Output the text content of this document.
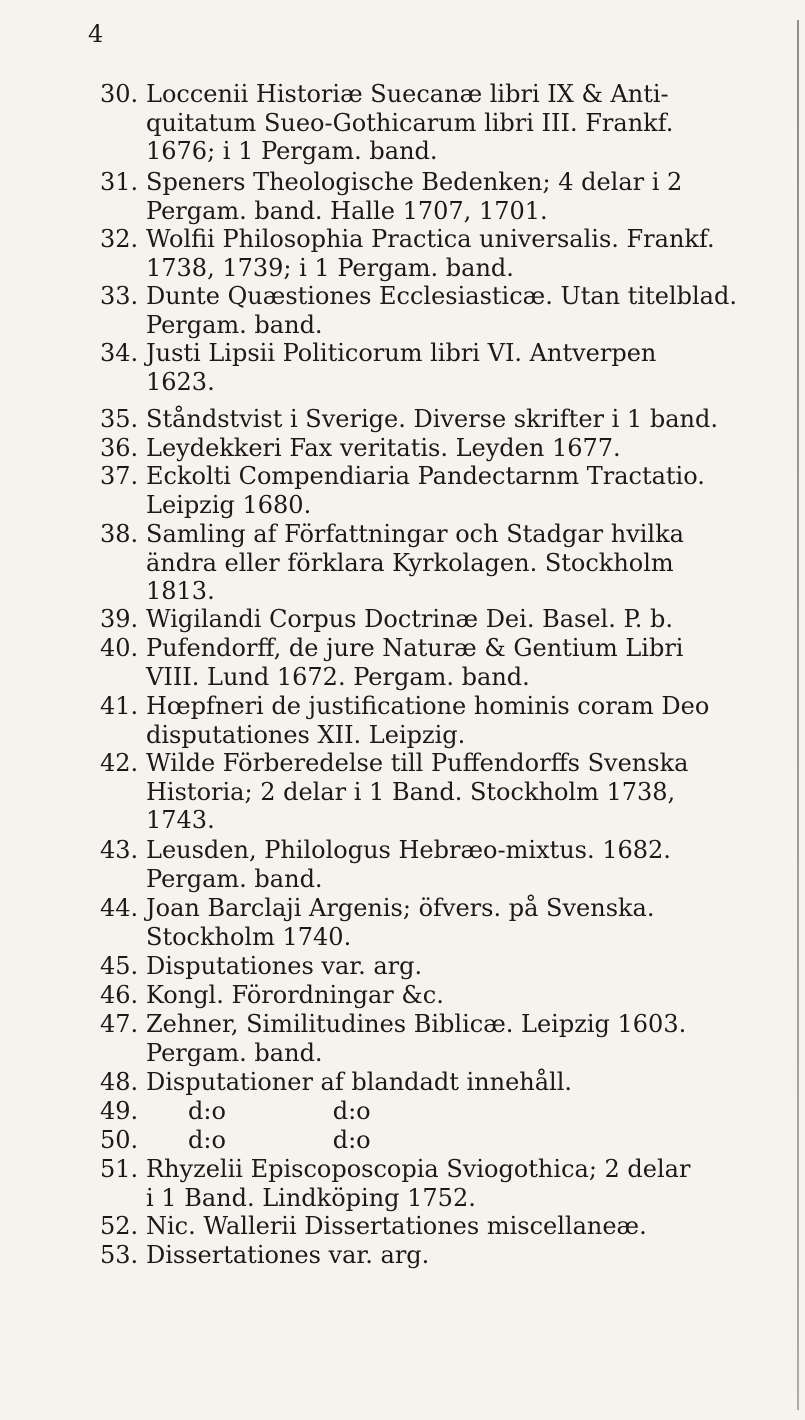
4
30. Loccenii Historiæ Suecanæ libri IX & Anti-
quitatum Sueo-Gothicarum libri III. Frankf.
1676; i 1 Pergam. band.
31. Speners Theologische Bedenken; 4 delar i 2
Pergam. band. Halle 1707, 1701.
32. Wolfii Philosophia Practica universalis. Frankf.
1738, 1739; i 1 Pergam. band.
33. Dunte Quæstiones Ecclesiasticæ. Utan titelblad.
Pergam. band.
34. Justi Lipsii Politicorum libri VI. Antverpen
1623.
35. Ståndstvist i Sverige. Diverse skrifter i 1 band.
36. Leydekkeri Fax veritatis. Leyden 1677.
37. Eckolti Compendiaria Pandectarnm Tractatio.
Leipzig 1680.
38. Samling af Författningar och Stadgar hvilka
ändra eller förklara Kyrkolagen. Stockholm
1813.
39. Wigilandi Corpus Doctrinæ Dei. Basel. P. b.
40. Pufendorff, de jure Naturæ & Gentium Libri
VIII. Lund 1672. Pergam. band.
41. Hœpfneri de justificatione hominis coram Deo
disputationes XII. Leipzig.
42. Wilde Förberedelse till Puffendorffs Svenska
Historia; 2 delar i 1 Band. Stockholm 1738,
1743.
43. Leusden, Philologus Hebræo-mixtus. 1682.
Pergam. band.
44. Joan Barclaji Argenis; öfvers. på Svenska.
Stockholm 1740.
45. Disputationes var. arg.
46. Kongl. Förordningar &c.
47. Zehner, Similitudines Biblicæ. Leipzig 1603.
Pergam. band.
48. Disputationer af blandadt innehåll.
49.	d:o              d:o
50.	d:o              d:o
51. Rhyzelii Episcoposcopia Sviogothica; 2 delar
i 1 Band. Lindköping 1752.
52. Nic. Wallerii Dissertationes miscellaneæ.
53. Dissertationes var. arg.
